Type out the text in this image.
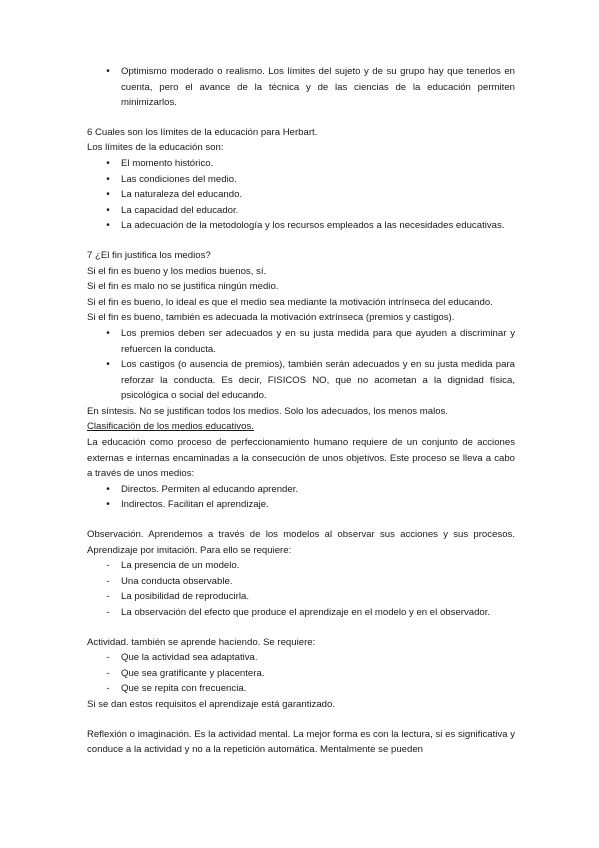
•	Optimismo moderado o realismo. Los límites del sujeto y de su grupo hay que tenerlos en cuenta, pero el avance de la técnica y de las ciencias de la educación permiten minimizarlos.

6 Cuales son los límites de la educación para Herbart.

Los límites de la educación son:

•	El momento histórico.
•	Las condiciones del medio.
•	La naturaleza del educando.
•	La capacidad del educador.
•	La adecuación de la metodología y los recursos empleados a las necesidades educativas.

7 ¿El fin justifica los medios?

Si el fin es bueno y los medios buenos, sí.

Si el fin es malo no se justifica ningún medio.

Si el fin es bueno, lo ideal es que el medio sea mediante la motivación intrínseca del educando.

Si el fin es bueno, también es adecuada la motivación extrínseca (premios y castigos).

•	Los premios deben ser adecuados y en su justa medida para que ayuden a discriminar y refuercen la conducta.

•	Los castigos (o ausencia de premios), también serán adecuados y en su justa medida para reforzar la conducta. Es decir, FISICOS NO, que no acometan a la dignidad física, psicológica o social del educando.

En síntesis. No se justifican todos los medios. Solo los adecuados, los menos malos.

Clasificación de los medios educativos.

La educación como proceso de perfeccionamiento humano requiere de un conjunto de acciones externas e internas encaminadas a la consecución de unos objetivos. Este proceso se lleva a cabo a través de unos medios:

•	Directos. Permiten al educando aprender.
•	Indirectos. Facilitan el aprendizaje.

Observación. Aprendemos a través de los modelos al observar sus acciones y sus procesos. Aprendizaje por imitación. Para ello se requiere:

-	La presencia de un modelo.
-	Una conducta observable.
-	La posibilidad de reproducirla.
-	La observación del efecto que produce el aprendizaje en el modelo y en el observador.

Actividad. también se aprende haciendo. Se requiere:

-	Que la actividad sea adaptativa.
-	Que sea gratificante y placentera.
-	Que se repita con frecuencia.

Si se dan estos requisitos el aprendizaje está garantizado.

Reflexión o imaginación. Es la actividad mental. La mejor forma es con la lectura, si es significativa y conduce a la actividad y no a la repetición automática. Mentalmente se pueden
